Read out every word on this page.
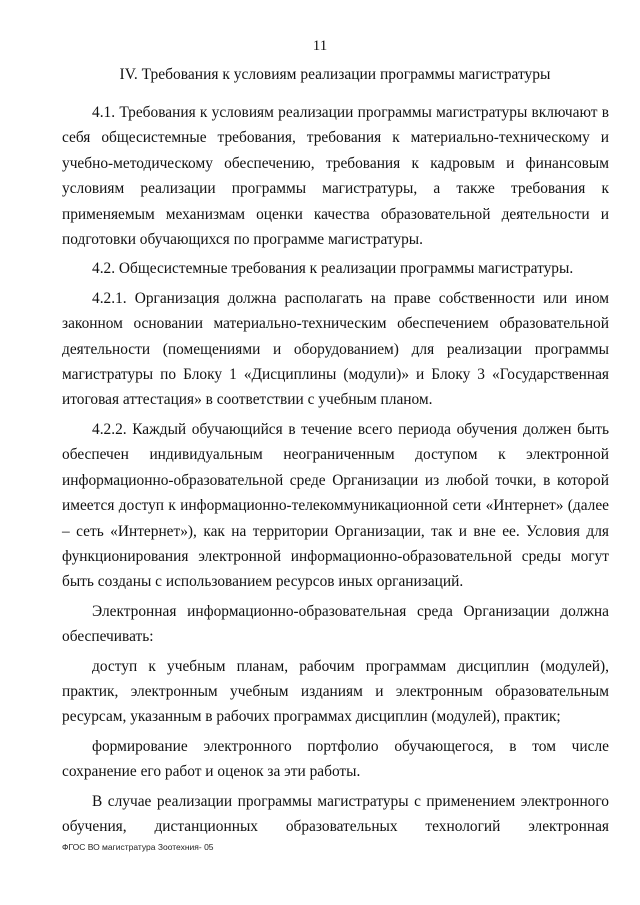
11
IV. Требования к условиям реализации программы магистратуры

4.1. Требования к условиям реализации программы магистратуры включают в себя общесистемные требования, требования к материально-техническому и учебно-методическому обеспечению, требования к кадровым и финансовым условиям реализации программы магистратуры, а также требования к применяемым механизмам оценки качества образовательной деятельности и подготовки обучающихся по программе магистратуры.

4.2. Общесистемные требования к реализации программы магистратуры.

4.2.1. Организация должна располагать на праве собственности или ином законном основании материально-техническим обеспечением образовательной деятельности (помещениями и оборудованием) для реализации программы магистратуры по Блоку 1 «Дисциплины (модули)» и Блоку 3 «Государственная итоговая аттестация» в соответствии с учебным планом.

4.2.2. Каждый обучающийся в течение всего периода обучения должен быть обеспечен индивидуальным неограниченным доступом к электронной информационно-образовательной среде Организации из любой точки, в которой имеется доступ к информационно-телекоммуникационной сети «Интернет» (далее – сеть «Интернет»), как на территории Организации, так и вне ее. Условия для функционирования электронной информационно-образовательной среды могут быть созданы с использованием ресурсов иных организаций.

Электронная информационно-образовательная среда Организации должна обеспечивать:

доступ к учебным планам, рабочим программам дисциплин (модулей), практик, электронным учебным изданиям и электронным образовательным ресурсам, указанным в рабочих программах дисциплин (модулей), практик;

формирование электронного портфолио обучающегося, в том числе сохранение его работ и оценок за эти работы.

В случае реализации программы магистратуры с применением электронного обучения, дистанционных образовательных технологий электронная

ФГОС ВО магистратура Зоотехния- 05
